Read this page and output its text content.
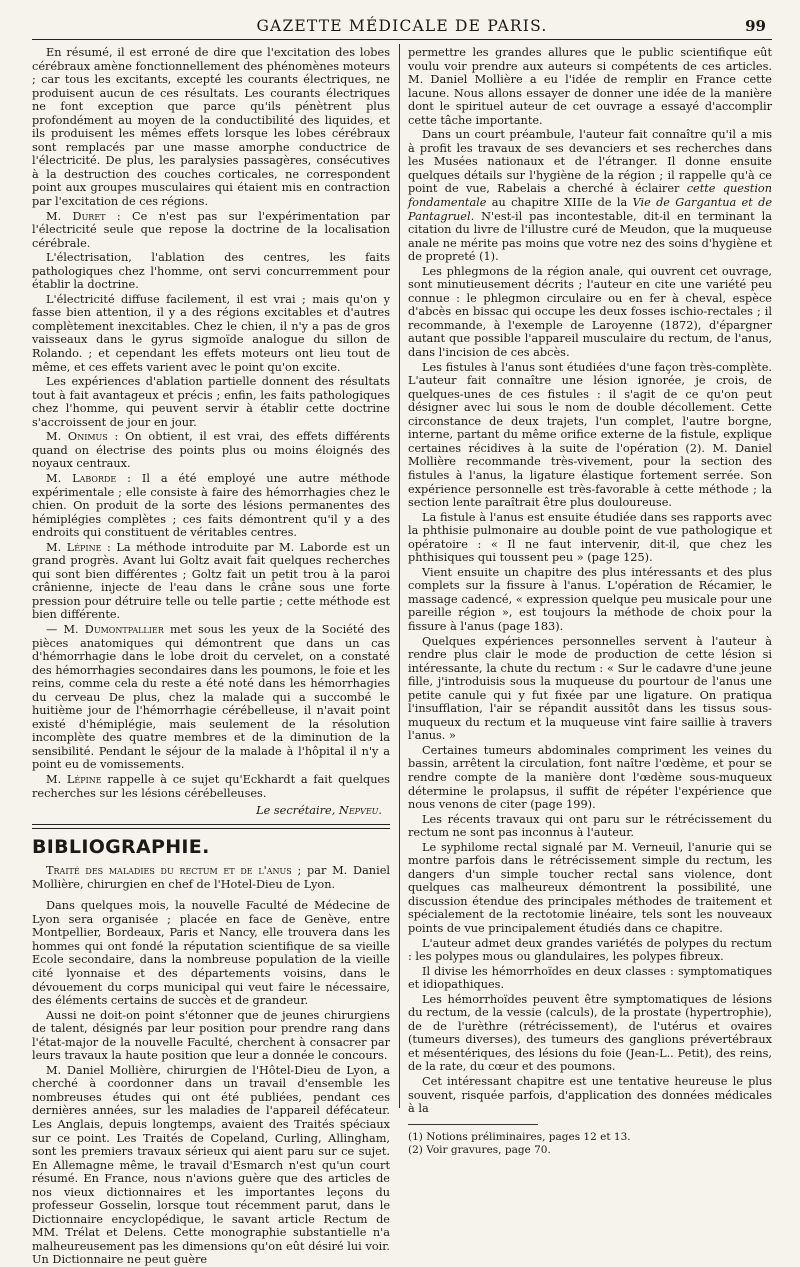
GAZETTE MÉDICALE DE PARIS.	99

En résumé, il est erroné de dire que l'excitation des lobes cérébraux amène fonctionnellement des phénomènes moteurs ; car tous les excitants, excepté les courants électriques, ne produisent aucun de ces résultats. Les courants électriques ne font exception que parce qu'ils pénètrent plus profondément au moyen de la conductibilité des liquides, et ils produisent les mêmes effets lorsque les lobes cérébraux sont remplacés par une masse amorphe conductrice de l'électricité. De plus, les paralysies passagères, consécutives à la destruction des couches corticales, ne correspondent point aux groupes musculaires qui étaient mis en contraction par l'excitation de ces régions.

M. Duret : Ce n'est pas sur l'expérimentation par l'électricité seule que repose la doctrine de la localisation cérébrale.

L'électrisation, l'ablation des centres, les faits pathologiques chez l'homme, ont servi concurremment pour établir la doctrine.

L'électricité diffuse facilement, il est vrai ; mais qu'on y fasse bien attention, il y a des régions excitables et d'autres complètement inexcitables. Chez le chien, il n'y a pas de gros vaisseaux dans le gyrus sigmoïde analogue du sillon de Rolando. ; et cependant les effets moteurs ont lieu tout de même, et ces effets varient avec le point qu'on excite.

Les expériences d'ablation partielle donnent des résultats tout à fait avantageux et précis ; enfin, les faits pathologiques chez l'homme, qui peuvent servir à établir cette doctrine s'accroissent de jour en jour.

M. Onimus : On obtient, il est vrai, des effets différents quand on électrise des points plus ou moins éloignés des noyaux centraux.

M. Laborde : Il a été employé une autre méthode expérimentale ; elle consiste à faire des hémorrhagies chez le chien. On produit de la sorte des lésions permanentes des hémiplégies complètes ; ces faits démontrent qu'il y a des endroits qui constituent de véritables centres.

M. Lépine : La méthode introduite par M. Laborde est un grand progrès. Avant lui Goltz avait fait quelques recherches qui sont bien différentes ; Goltz fait un petit trou à la paroi crânienne, injecte de l'eau dans le crâne sous une forte pression pour détruire telle ou telle partie ; cette méthode est bien différente.

— M. Dumontpallier met sous les yeux de la Société des pièces anatomiques qui démontrent que dans un cas d'hémorrhagie dans le lobe droit du cervelet, on a constaté des hémorrhagies secondaires dans les poumons, le foie et les reins, comme cela du reste a été noté dans les hémorrhagies du cerveau De plus, chez la malade qui a succombé le huitième jour de l'hémorrhagie cérébelleuse, il n'avait point existé d'hémiplégie, mais seulement de la résolution incomplète des quatre membres et de la diminution de la sensibilité. Pendant le séjour de la malade à l'hôpital il n'y a point eu de vomissements.

M. Lépine rappelle à ce sujet qu'Eckhardt a fait quelques recherches sur les lésions cérébelleuses.

Le secrétaire, Nepveu.

BIBLIOGRAPHIE.

Traité des maladies du rectum et de l'anus ; par M. Daniel Mollière, chirurgien en chef de l'Hotel-Dieu de Lyon.

Dans quelques mois, la nouvelle Faculté de Médecine de Lyon sera organisée ; placée en face de Genève, entre Montpellier, Bordeaux, Paris et Nancy, elle trouvera dans les hommes qui ont fondé la réputation scientifique de sa vieille Ecole secondaire, dans la nombreuse population de la vieille cité lyonnaise et des départements voisins, dans le dévouement du corps municipal qui veut faire le nécessaire, des éléments certains de succès et de grandeur.

Aussi ne doit-on point s'étonner que de jeunes chirurgiens de talent, désignés par leur position pour prendre rang dans l'état-major de la nouvelle Faculté, cherchent à consacrer par leurs travaux la haute position que leur a donnée le concours.

M. Daniel Mollière, chirurgien de l'Hôtel-Dieu de Lyon, a cherché à coordonner dans un travail d'ensemble les nombreuses études qui ont été publiées, pendant ces dernières années, sur les maladies de l'appareil défécateur. Les Anglais, depuis longtemps, avaient des Traités spéciaux sur ce point. Les Traités de Copeland, Curling, Allingham, sont les premiers travaux sérieux qui aient paru sur ce sujet. En Allemagne même, le travail d'Esmarch n'est qu'un court résumé. En France, nous n'avions guère que des articles de nos vieux dictionnaires et les importantes leçons du professeur Gosselin, lorsque tout récemment parut, dans le Dictionnaire encyclopédique, le savant article Rectum de MM. Trélat et Delens. Cette monographie substantielle n'a malheureusement pas les dimensions qu'on eût désiré lui voir. Un Dictionnaire ne peut guère

permettre les grandes allures que le public scientifique eût voulu voir prendre aux auteurs si compétents de ces articles. M. Daniel Mollière a eu l'idée de remplir en France cette lacune. Nous allons essayer de donner une idée de la manière dont le spirituel auteur de cet ouvrage a essayé d'accomplir cette tâche importante.

Dans un court préambule, l'auteur fait connaître qu'il a mis à profit les travaux de ses devanciers et ses recherches dans les Musées nationaux et de l'étranger. Il donne ensuite quelques détails sur l'hygiène de la région ; il rappelle qu'à ce point de vue, Rabelais a cherché à éclairer cette question fondamentale au chapitre XIIIe de la Vie de Gargantua et de Pantagruel. N'est-il pas incontestable, dit-il en terminant la citation du livre de l'illustre curé de Meudon, que la muqueuse anale ne mérite pas moins que votre nez des soins d'hygiène et de propreté (1).

Les phlegmons de la région anale, qui ouvrent cet ouvrage, sont minutieusement décrits ; l'auteur en cite une variété peu connue : le phlegmon circulaire ou en fer à cheval, espèce d'abcès en bissac qui occupe les deux fosses ischio-rectales ; il recommande, à l'exemple de Laroyenne (1872), d'épargner autant que possible l'appareil musculaire du rectum, de l'anus, dans l'incision de ces abcès.

Les fistules à l'anus sont étudiées d'une façon très-complète. L'auteur fait connaître une lésion ignorée, je crois, de quelques-unes de ces fistules : il s'agit de ce qu'on peut désigner avec lui sous le nom de double décollement. Cette circonstance de deux trajets, l'un complet, l'autre borgne, interne, partant du même orifice externe de la fistule, explique certaines récidives à la suite de l'opération (2). M. Daniel Mollière recommande très-vivement, pour la section des fistules à l'anus, la ligature élastique fortement serrée. Son expérience personnelle est très-favorable à cette méthode ; la section lente paraîtrait être plus douloureuse.

La fistule à l'anus est ensuite étudiée dans ses rapports avec la phthisie pulmonaire au double point de vue pathologique et opératoire : « Il ne faut intervenir, dit-il, que chez les phthisiques qui toussent peu » (page 125).

Vient ensuite un chapitre des plus intéressants et des plus complets sur la fissure à l'anus. L'opération de Récamier, le massage cadencé, « expression quelque peu musicale pour une pareille région », est toujours la méthode de choix pour la fissure à l'anus (page 183).

Quelques expériences personnelles servent à l'auteur à rendre plus clair le mode de production de cette lésion si intéressante, la chute du rectum : « Sur le cadavre d'une jeune fille, j'introduisis sous la muqueuse du pourtour de l'anus une petite canule qui y fut fixée par une ligature. On pratiqua l'insufflation, l'air se répandit aussitôt dans les tissus sous-muqueux du rectum et la muqueuse vint faire saillie à travers l'anus. »

Certaines tumeurs abdominales compriment les veines du bassin, arrêtent la circulation, font naître l'œdème, et pour se rendre compte de la manière dont l'œdème sous-muqueux détermine le prolapsus, il suffit de répéter l'expérience que nous venons de citer (page 199).

Les récents travaux qui ont paru sur le rétrécissement du rectum ne sont pas inconnus à l'auteur.

Le syphilome rectal signalé par M. Verneuil, l'anurie qui se montre parfois dans le rétrécissement simple du rectum, les dangers d'un simple toucher rectal sans violence, dont quelques cas malheureux démontrent la possibilité, une discussion étendue des principales méthodes de traitement et spécialement de la rectotomie linéaire, tels sont les nouveaux points de vue principalement étudiés dans ce chapitre.

L'auteur admet deux grandes variétés de polypes du rectum : les polypes mous ou glandulaires, les polypes fibreux.

Il divise les hémorrhoïdes en deux classes : symptomatiques et idiopathiques.

Les hémorrhoïdes peuvent être symptomatiques de lésions du rectum, de la vessie (calculs), de la prostate (hypertrophie), de de l'urèthre (rétrécissement), de l'utérus et ovaires (tumeurs diverses), des tumeurs des ganglions prévertébraux et mésentériques, des lésions du foie (Jean-L.. Petit), des reins, de la rate, du cœur et des poumons.

Cet intéressant chapitre est une tentative heureuse le plus souvent, risquée parfois, d'application des données médicales à la

(1) Notions préliminaires, pages 12 et 13.
(2) Voir gravures, page 70.
